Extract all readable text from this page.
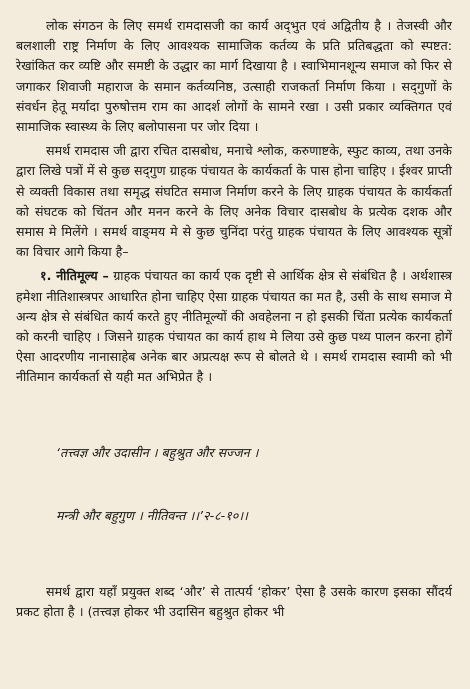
लोक संगठन के लिए समर्थ रामदासजी का कार्य अद्‌भुत एवं अद्वितीय है । तेजस्वी और बलशाली राष्ट्र निर्माण के लिए आवश्यक सामाजिक कर्तव्य के प्रति प्रतिबद्धता को स्पष्टत: रेखांकित कर व्यष्टि और समष्टी के उद्धार का मार्ग दिखाया है । स्वाभिमानशून्य समाज को फिर से जगाकर शिवाजी महाराज के समान कर्तव्यनिष्ठ, उत्साही राजकर्ता निर्माण किया । सद्‌गुणों के संवर्धन हेतू मर्यादा पुरुषोत्तम राम का आदर्श लोगों के सामने रखा । उसी प्रकार व्यक्तिगत एवं सामाजिक स्वास्थ्य के लिए बलोपासना पर जोर दिया ।

समर्थ रामदास जी द्वारा रचित दासबोध, मनाचे श्लोक, करुणाष्टके, स्फुट काव्य, तथा उनके द्वारा लिखे पत्रों में से कुछ सद्‌गुण ग्राहक पंचायत के कार्यकर्ता के पास होना चाहिए । ईश्वर प्राप्ती से व्यक्ती विकास तथा समृद्ध संघटित समाज निर्माण करने के लिए ग्राहक पंचायत के कार्यकर्ता को संघटक को चिंतन और मनन करने के लिए अनेक विचार दासबोध के प्रत्येक दशक और समास मे मिलेंगे । समर्थ वाङ्‌मय मे से कुछ चुनिंदा परंतु ग्राहक पंचायत के लिए आवश्यक सूत्रों का विचार आगे किया है–

१. नीतिमूल्य – ग्राहक पंचायत का कार्य एक दृष्टी से आर्थिक क्षेत्र से संबंधित है । अर्थशास्त्र हमेशा नीतिशास्त्रपर आधारित होना चाहिए ऐसा ग्राहक पंचायत का मत है, उसी के साथ समाज मे अन्य क्षेत्र से संबंधित कार्य करते हुए नीतिमूल्यों की अवहेलना न हो इसकी चिंता प्रत्येक कार्यकर्ता को करनी चाहिए । जिसने ग्राहक पंचायत का कार्य हाथ मे लिया उसे कुछ पथ्य पालन करना होगें ऐसा आदरणीय नानासाहेब अनेक बार अप्रत्यक्ष रूप से बोलते थे । समर्थ रामदास स्वामी को भी नीतिमान कार्यकर्ता से यही मत अभिप्रेत है ।

‘तत्त्वज्ञ और उदासीन । बहुश्रुत और सज्जन ।

मन्त्री और बहुगुण । नीतिवन्त ।।’२-८-१०।।

समर्थ द्वारा यहाँ प्रयुक्त शब्द ‘और’ से तात्पर्य ‘होकर’ ऐसा है उसके कारण इसका सौंदर्य प्रकट होता है । (तत्त्वज्ञ होकर भी उदासिन बहुश्रुत होकर भी
